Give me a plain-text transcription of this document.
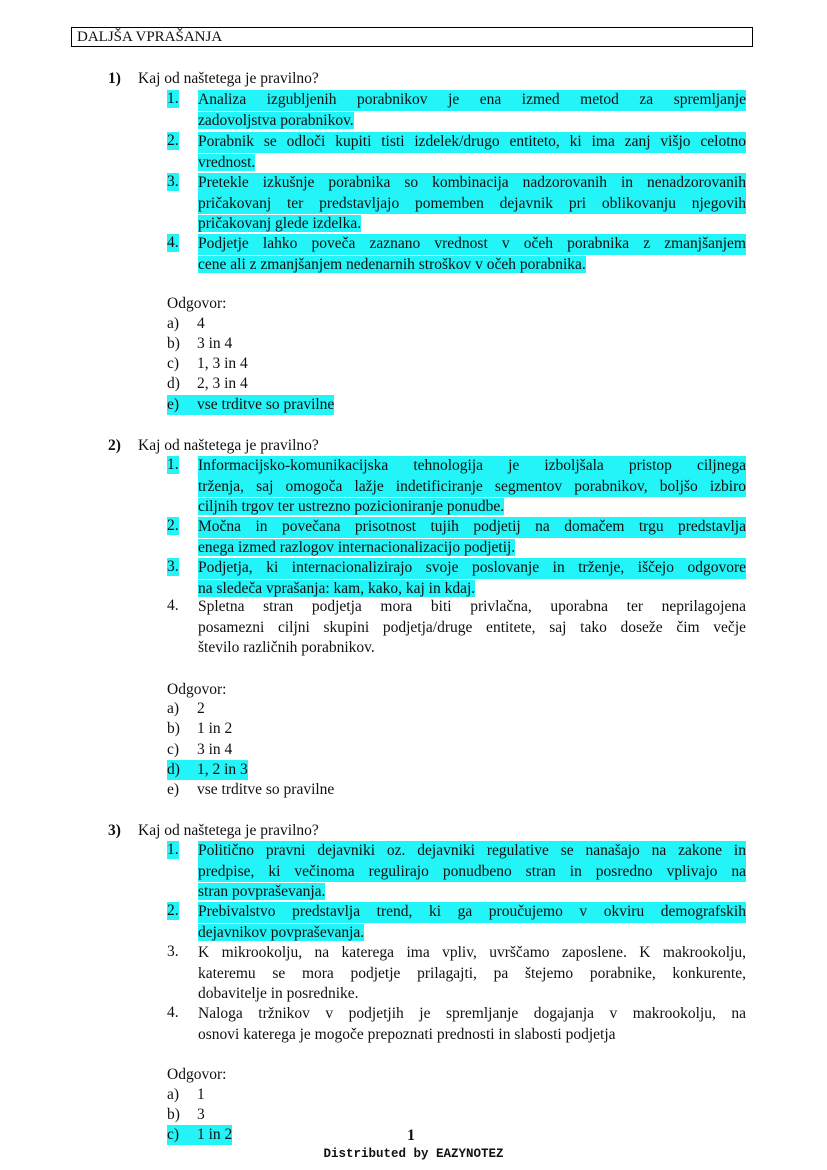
DALJŠA VPRAŠANJA
1) Kaj od naštetega je pravilno?
1. Analiza izgubljenih porabnikov je ena izmed metod za spremljanje
zadovoljstva porabnikov.
2. Porabnik se odloči kupiti tisti izdelek/drugo entiteto, ki ima zanj višjo celotno
vrednost.
3. Pretekle izkušnje porabnika so kombinacija nadzorovanih in nenadzorovanih
pričakovanj ter predstavljajo pomemben dejavnik pri oblikovanju njegovih
pričakovanj glede izdelka.
4. Podjetje lahko poveča zaznano vrednost v očeh porabnika z zmanjšanjem
cene ali z zmanjšanjem nedenarnih stroškov v očeh porabnika.
Odgovor:
a) 4
b) 3 in 4
c) 1, 3 in 4
d) 2, 3 in 4
e) vse trditve so pravilne
2) Kaj od naštetega je pravilno?
1. Informacijsko-komunikacijska tehnologija je izboljšala pristop ciljnega
trženja, saj omogoča lažje indetificiranje segmentov porabnikov, boljšo izbiro
ciljnih trgov ter ustrezno pozicioniranje ponudbe.
2. Močna in povečana prisotnost tujih podjetij na domačem trgu predstavlja
enega izmed razlogov internacionalizacijo podjetij.
3. Podjetja, ki internacionalizirajo svoje poslovanje in trženje, iščejo odgovore
na sledeča vprašanja: kam, kako, kaj in kdaj.
4. Spletna stran podjetja mora biti privlačna, uporabna ter neprilagojena
posamezni ciljni skupini podjetja/druge entitete, saj tako doseže čim večje
število različnih porabnikov.
Odgovor:
a) 2
b) 1 in 2
c) 3 in 4
d) 1, 2 in 3
e) vse trditve so pravilne
3) Kaj od naštetega je pravilno?
1. Politično pravni dejavniki oz. dejavniki regulative se nanašajo na zakone in
predpise, ki večinoma regulirajo ponudbeno stran in posredno vplivajo na
stran povpraševanja.
2. Prebivalstvo predstavlja trend, ki ga proučujemo v okviru demografskih
dejavnikov povpraševanja.
3. K mikrookolju, na katerega ima vpliv, uvrščamo zaposlene. K makrookolju,
kateremu se mora podjetje prilagajti, pa štejemo porabnike, konkurente,
dobavitelje in posrednike.
4. Naloga tržnikov v podjetjih je spremljanje dogajanja v makrookolju, na
osnovi katerega je mogoče prepoznati prednosti in slabosti podjetja
Odgovor:
a) 1
b) 3
c) 1 in 2	1
Distributed by EAZYNOTEZ
